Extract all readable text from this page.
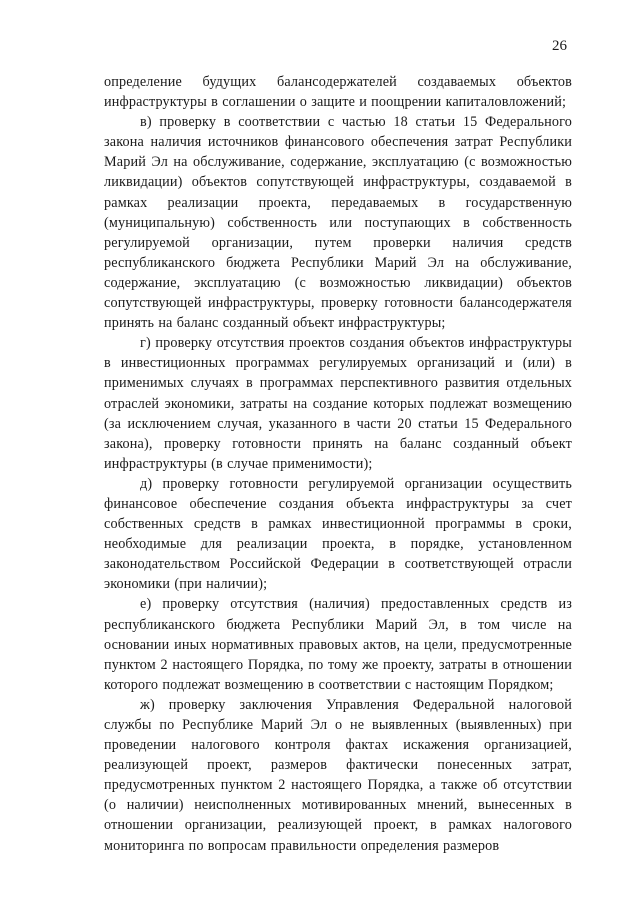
26

определение будущих балансодержателей создаваемых объектов инфраструктуры в соглашении о защите и поощрении капиталовложений;

в) проверку в соответствии с частью 18 статьи 15 Федерального закона наличия источников финансового обеспечения затрат Республики Марий Эл на обслуживание, содержание, эксплуатацию (с возможностью ликвидации) объектов сопутствующей инфраструктуры, создаваемой в рамках реализации проекта, передаваемых в государственную (муниципальную) собственность или поступающих в собственность регулируемой организации, путем проверки наличия средств республиканского бюджета Республики Марий Эл на обслуживание, содержание, эксплуатацию (с возможностью ликвидации) объектов сопутствующей инфраструктуры, проверку готовности балансодержателя принять на баланс созданный объект инфраструктуры;

г) проверку отсутствия проектов создания объектов инфраструктуры в инвестиционных программах регулируемых организаций и (или) в применимых случаях в программах перспективного развития отдельных отраслей экономики, затраты на создание которых подлежат возмещению (за исключением случая, указанного в части 20 статьи 15 Федерального закона), проверку готовности принять на баланс созданный объект инфраструктуры (в случае применимости);

д) проверку готовности регулируемой организации осуществить финансовое обеспечение создания объекта инфраструктуры за счет собственных средств в рамках инвестиционной программы в сроки, необходимые для реализации проекта, в порядке, установленном законодательством Российской Федерации в соответствующей отрасли экономики (при наличии);

е) проверку отсутствия (наличия) предоставленных средств из республиканского бюджета Республики Марий Эл, в том числе на основании иных нормативных правовых актов, на цели, предусмотренные пунктом 2 настоящего Порядка, по тому же проекту, затраты в отношении которого подлежат возмещению в соответствии с настоящим Порядком;

ж) проверку заключения Управления Федеральной налоговой службы по Республике Марий Эл о не выявленных (выявленных) при проведении налогового контроля фактах искажения организацией, реализующей проект, размеров фактически понесенных затрат, предусмотренных пунктом 2 настоящего Порядка, а также об отсутствии (о наличии) неисполненных мотивированных мнений, вынесенных в отношении организации, реализующей проект, в рамках налогового мониторинга по вопросам правильности определения размеров
